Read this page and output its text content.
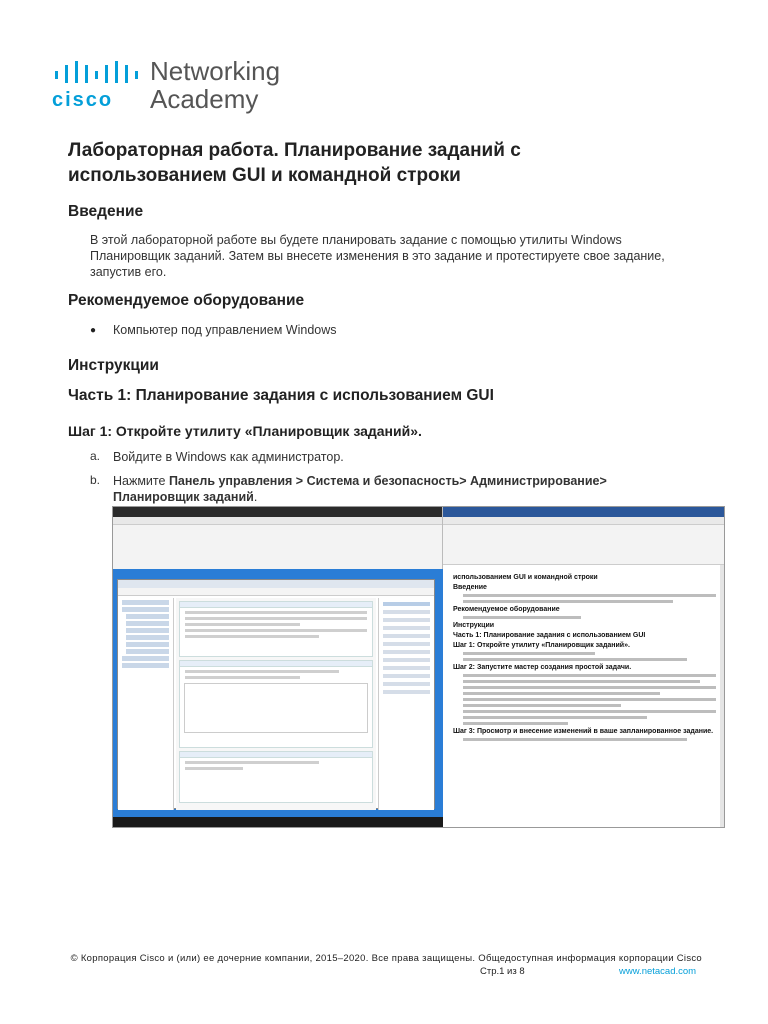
cisco
Networking
Academy
Лабораторная работа. Планирование заданий с использованием GUI и командной строки
Введение
В этой лабораторной работе вы будете планировать задание с помощью утилиты Windows Планировщик заданий. Затем вы внесете изменения в это задание и протестируете свое задание, запустив его.
Рекомендуемое оборудование
● Компьютер под управлением Windows
Инструкции
Часть 1: Планирование задания с использованием GUI
Шаг 1: Откройте утилиту «Планировщик заданий».
a. Войдите в Windows как администратор.
b. Нажмите Панель управления > Система и безопасность> Администрирование> Планировщик заданий.
использованием GUI и командной строки
Введение
Рекомендуемое оборудование
Инструкции
Часть 1: Планирование задания с использованием GUI
Шаг 1: Откройте утилиту «Планировщик заданий».
Шаг 2: Запустите мастер создания простой задачи.
Шаг 3: Просмотр и внесение изменений в ваше запланированное задание.
© Корпорация Cisco и (или) ее дочерние компании, 2015–2020. Все права защищены. Общедоступная информация корпорации Cisco
Стр.1 из 8	www.netacad.com
